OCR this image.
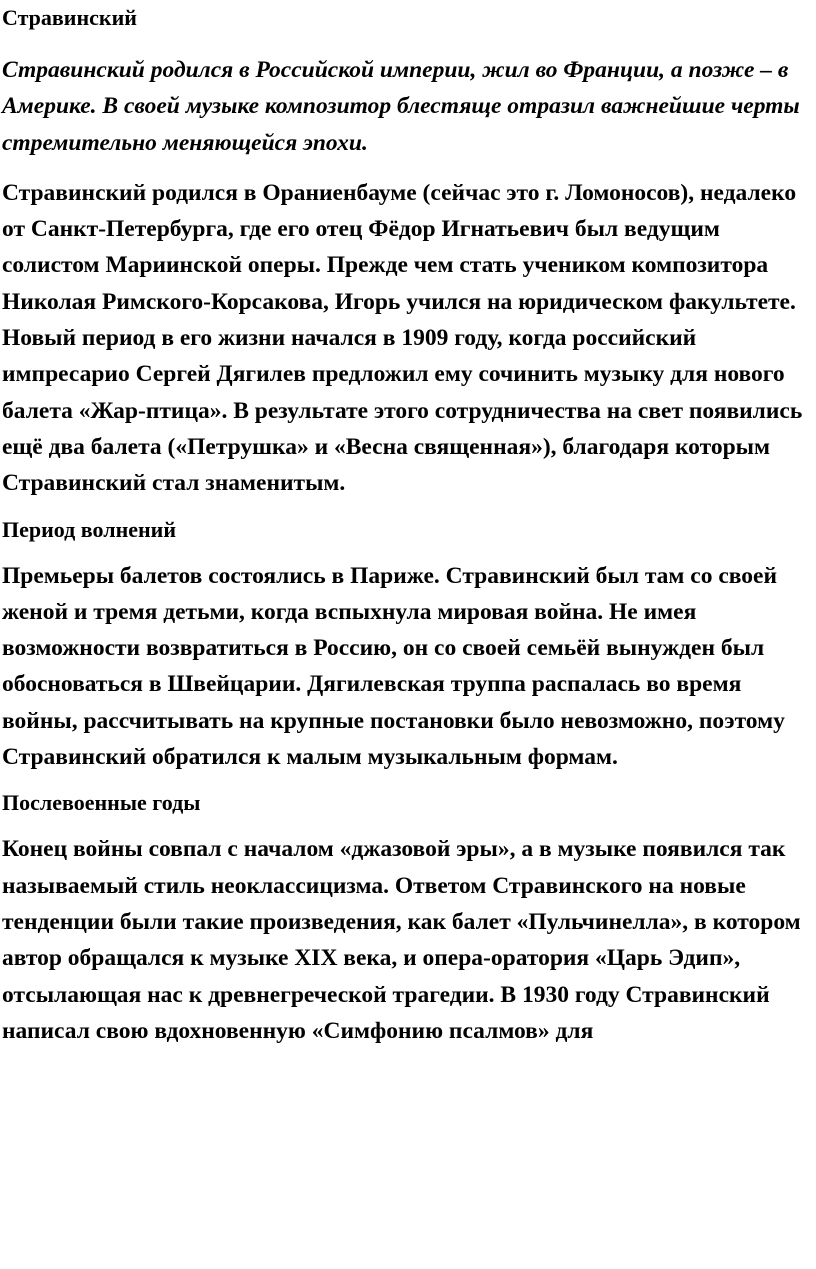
Стравинский

Стравинский родился в Российской империи, жил во Франции, а позже – в Америке. В своей музыке композитор блестяще отразил важнейшие черты стремительно меняющейся эпохи.

Стравинский родился в Ораниенбауме (сейчас это г. Ломоносов), недалеко от Санкт-Петербурга, где его отец Фёдор Игнатьевич был ведущим солистом Мариинской оперы. Прежде чем стать учеником композитора Николая Римского-Корсакова, Игорь учился на юридическом факультете. Новый период в его жизни начался в 1909 году, когда российский импресарио Сергей Дягилев предложил ему сочинить музыку для нового балета «Жар-птица». В результате этого сотрудничества на свет появились ещё два балета («Петрушка» и «Весна священная»), благодаря которым Стравинский стал знаменитым.

Период волнений

Премьеры балетов состоялись в Париже. Стравинский был там со своей женой и тремя детьми, когда вспыхнула мировая война. Не имея возможности возвратиться в Россию, он со своей семьёй вынужден был обосноваться в Швейцарии. Дягилевская труппа распалась во время войны, рассчитывать на крупные постановки было невозможно, поэтому Стравинский обратился к малым музыкальным формам.

Послевоенные годы

Конец войны совпал с началом «джазовой эры», а в музыке появился так называемый стиль неоклассицизма. Ответом Стравинского на новые тенденции были такие произведения, как балет «Пульчинелла», в котором автор обращался к музыке XIX века, и опера-оратория «Царь Эдип», отсылающая нас к древнегреческой трагедии. В 1930 году Стравинский написал свою вдохновенную «Симфонию псалмов» для
